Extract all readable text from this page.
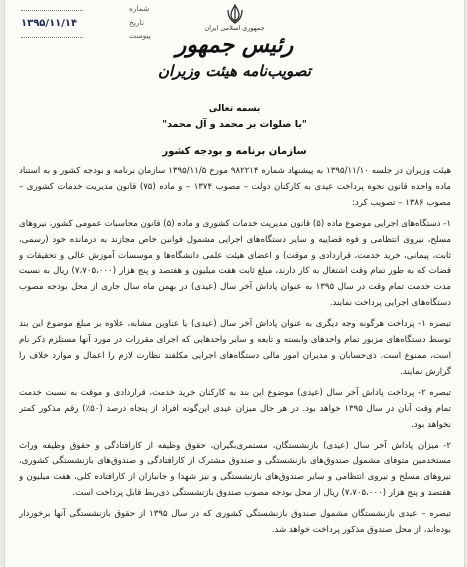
شماره
۱۳۹۵/۱۱/۱۴	تاریخ
پیوست
جمهوری اسلامی ایران
رئیس جمهور
تصویب‌نامه هیئت وزیران
بسمه تعالی
"با صلوات بر محمد و آل محمد"
سازمان برنامه و بودجه کشور

هیئت وزیران در جلسه ۱۳۹۵/۱۱/۱۰ به پیشنهاد شماره ۹۸۲۲۱۴ مورخ ۱۳۹۵/۱۱/۵ سازمان برنامه و بودجه کشور و به استناد ماده واحده قانون نحوه پرداخت عیدی به کارکنان دولت – مصوب ۱۳۷۴ – و ماده (۷۵) قانون مدیریت خدمات کشوری – مصوب ۱۳۸۶ – تصویب کرد:

۱- دستگاه‌های اجرایی موضوع ماده (۵) قانون مدیریت خدمات کشوری و ماده (۵) قانون محاسبات عمومی کشور، نیروهای مسلح، نیروی انتظامی و قوه قضاییه و سایر دستگاه‌های اجرایی مشمول قوانین خاص مجازند به درمانده خود (رسمی، ثابت، پیمانی، خرید خدمت، قراردادی و موقت) و اعضای هیئت علمی دانشگاه‌ها و موسسات آموزش عالی و تحقیقات و قضات که به طور تمام وقت اشتغال به کار دارند، مبلغ ثابت هفت میلیون و هفتصد و پنج هزار (۷،۷۰۵،۰۰۰) ریال به نسبت مدت خدمت تمام وقت در سال ۱۳۹۵ به عنوان پاداش آخر سال (عیدی) در بهمن ماه سال جاری از محل بودجه مصوب دستگاه‌های اجرایی پرداخت نمایند.

تبصره ۱- پرداخت هرگونه وجه دیگری به عنوان پاداش آخر سال (عیدی) یا عناوین مشابه، علاوه بر مبلغ موضوع این بند توسط دستگاه‌های مزبور تمام واحدهای وابسته و تابعه و سایر واحدهایی که اجرای مقررات در مورد آنها مستلزم ذکر نام است، ممنوع است. ذی‌حسابان و مدیران امور مالی دستگاه‌های اجرایی مکلفند نظارت لازم را اعمال و موارد خلاف را گزارش نمایند.

تبصره ۲- پرداخت پاداش آخر سال (عیدی) موضوع این بند به کارکنان خرید خدمت، قراردادی و موقت به نسبت خدمت تمام وقت آنان در سال ۱۳۹۵ خواهد بود. در هر حال میزان عیدی این‌گونه افراد از پنجاه درصد (۵۰٪) رقم مذکور کمتر نخواهد بود.

۲- میزان پاداش آخر سال (عیدی) بازنشستگان، مستمری‌بگیران، حقوق وظیفه از کارافتادگی و حقوق وظیفه وراث مستخدمین متوفای مشمول صندوق‌های بازنشستگی و صندوق مشترک از کارافتادگی و صندوق‌های بازنشستگی کشوری، نیروهای مسلح و نیروی انتظامی و سایر صندوق‌های بازنشستگی و نیز شهدا و جانبازان از کارافتاده کلی، هفت میلیون و هفتصد و پنج هزار (۷،۷۰۵،۰۰۰) ریال از محل بودجه مصوب صندوق بازنشستگی ذی‌ربط قابل پرداخت است.

تبصره – عیدی بازنشستگان مشمول صندوق بازنشستگی کشوری که در سال ۱۳۹۵ از حقوق بازنشستگی آنها برخوردار بوده‌اند، از محل صندوق مذکور پرداخت خواهد شد.
